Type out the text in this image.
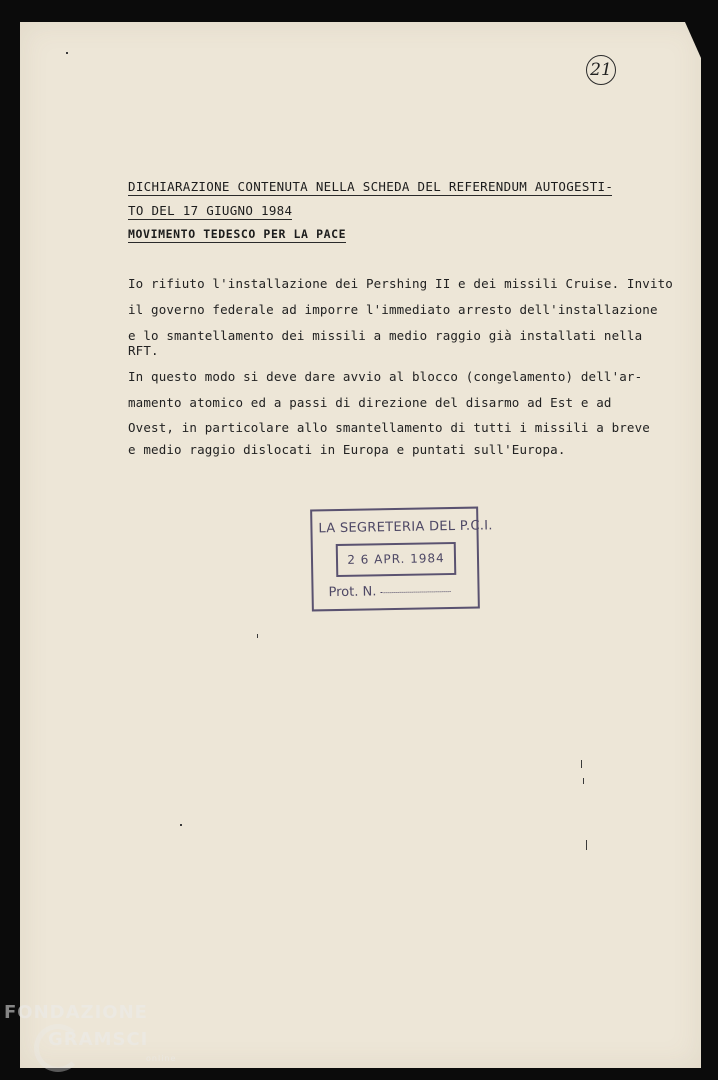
21
DICHIARAZIONE CONTENUTA NELLA SCHEDA DEL REFERENDUM AUTOGESTI-
TO DEL 17 GIUGNO 1984
MOVIMENTO TEDESCO PER LA PACE
Io rifiuto l'installazione dei Pershing II e dei missili Cruise. Invito
il governo federale ad imporre l'immediato arresto dell'installazione
e lo smantellamento dei missili a medio raggio già installati nella
RFT.
In questo modo si deve dare avvio al blocco (congelamento) dell'ar-
mamento atomico ed a passi di direzione del disarmo ad Est e ad
Ovest, in particolare allo smantellamento di tutti i missili a breve
e medio raggio dislocati in Europa e puntati sull'Europa.
LA SEGRETERIA DEL P.C.I.
2 6 APR. 1984
Prot. N.
FONDAZIONE
GRAMSCI
online
